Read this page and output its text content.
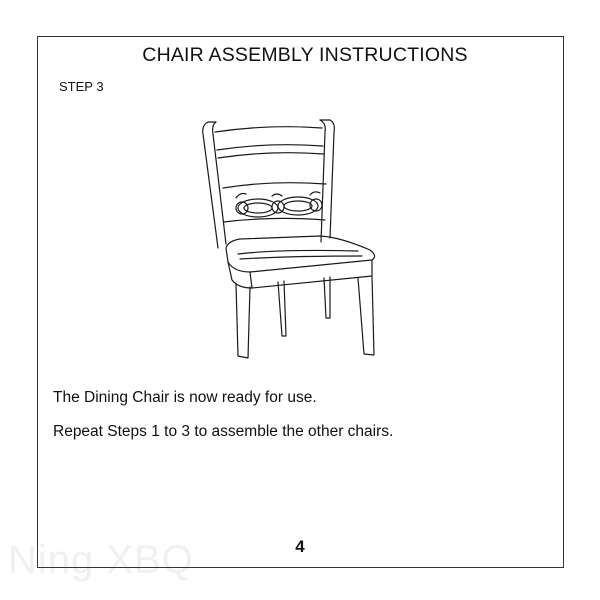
Ning XBQ
CHAIR ASSEMBLY INSTRUCTIONS
STEP 3
The Dining Chair is now ready for use.
Repeat Steps 1 to 3 to assemble the other chairs.
4
